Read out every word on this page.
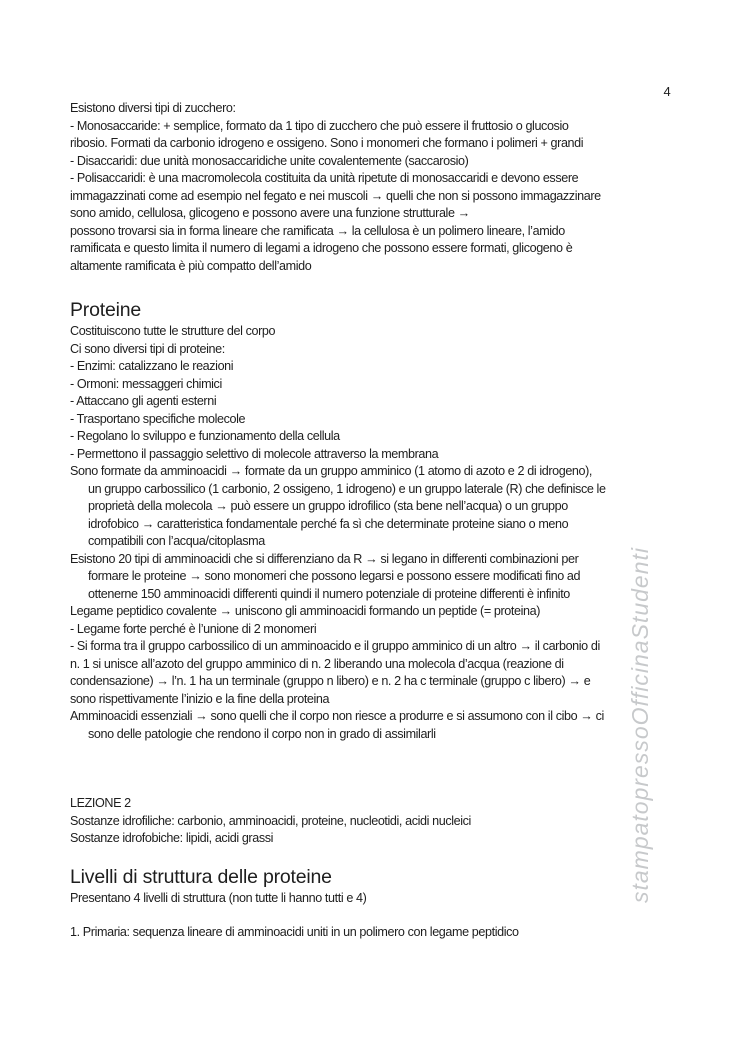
4
stampatopressoOfficinaStudenti
Esistono diversi tipi di zucchero:
- Monosaccaride: + semplice, formato da 1 tipo di zucchero che può essere il fruttosio o glucosio
ribosio. Formati da carbonio idrogeno e ossigeno. Sono i monomeri che formano i polimeri + grandi
- Disaccaridi: due unità monosaccaridiche unite covalentemente (saccarosio)
- Polisaccaridi: è una macromolecola costituita da unità ripetute di monosaccaridi e devono essere
immagazzinati come ad esempio nel fegato e nei muscoli → quelli che non si possono immagazzinare
sono amido, cellulosa, glicogeno e possono avere una funzione strutturale →
possono trovarsi sia in forma lineare che ramificata → la cellulosa è un polimero lineare, l’amido
ramificata e questo limita il numero di legami a idrogeno che possono essere formati, glicogeno è
altamente ramificata è più compatto dell’amido
Proteine
Costituiscono tutte le strutture del corpo
Ci sono diversi tipi di proteine:
- Enzimi: catalizzano le reazioni
- Ormoni: messaggeri chimici
- Attaccano gli agenti esterni
- Trasportano specifiche molecole
- Regolano lo sviluppo e funzionamento della cellula
- Permettono il passaggio selettivo di molecole attraverso la membrana
Sono formate da amminoacidi → formate da un gruppo amminico (1 atomo di azoto e 2 di idrogeno),
un gruppo carbossilico (1 carbonio, 2 ossigeno, 1 idrogeno) e un gruppo laterale (R) che definisce le
proprietà della molecola → può essere un gruppo idrofilico (sta bene nell’acqua) o un gruppo
idrofobico → caratteristica fondamentale perché fa sì che determinate proteine siano o meno
compatibili con l’acqua/citoplasma
Esistono 20 tipi di amminoacidi che si differenziano da R → si legano in differenti combinazioni per
formare le proteine → sono monomeri che possono legarsi e possono essere modificati fino ad
ottenerne 150 amminoacidi differenti quindi il numero potenziale di proteine differenti è infinito
Legame peptidico covalente → uniscono gli amminoacidi formando un peptide (= proteina)
- Legame forte perché è l’unione di 2 monomeri
- Si forma tra il gruppo carbossilico di un amminoacido e il gruppo amminico di un altro → il carbonio di
n. 1 si unisce all’azoto del gruppo amminico di n. 2 liberando una molecola d’acqua (reazione di
condensazione) → l’n. 1 ha un terminale (gruppo n libero) e n. 2 ha c terminale (gruppo c libero) → e
sono rispettivamente l’inizio e la fine della proteina
Amminoacidi essenziali → sono quelli che il corpo non riesce a produrre e si assumono con il cibo → ci
sono delle patologie che rendono il corpo non in grado di assimilarli
LEZIONE 2
Sostanze idrofiliche: carbonio, amminoacidi, proteine, nucleotidi, acidi nucleici
Sostanze idrofobiche: lipidi, acidi grassi
Livelli di struttura delle proteine
Presentano 4 livelli di struttura (non tutte li hanno tutti e 4)
1. Primaria: sequenza lineare di amminoacidi uniti in un polimero con legame peptidico
